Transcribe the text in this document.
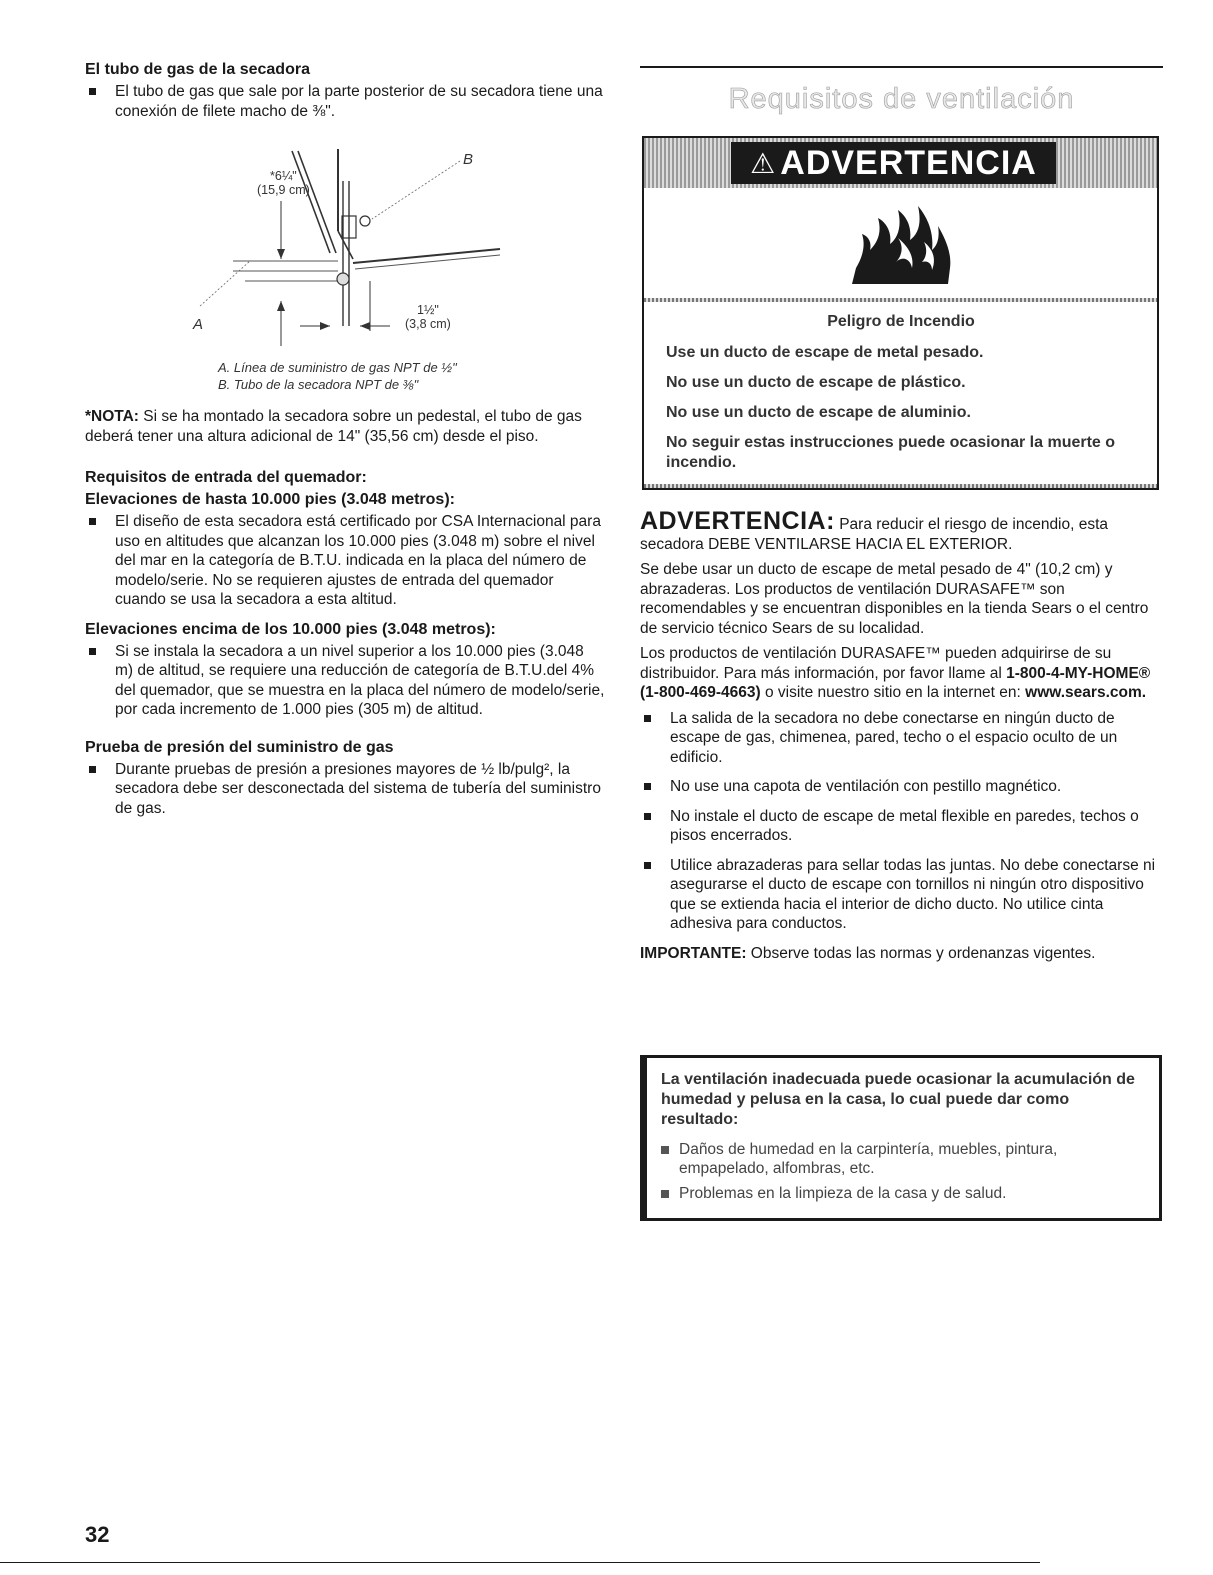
El tubo de gas de la secadora
El tubo de gas que sale por la parte posterior de su secadora tiene una conexión de filete macho de ⅜".
*6¼"
(15,9 cm)
1½"
(3,8 cm)
B
A
A. Línea de suministro de gas NPT de ½"
B. Tubo de la secadora NPT de ⅜"

*NOTA: Si se ha montado la secadora sobre un pedestal, el tubo de gas deberá tener una altura adicional de 14" (35,56 cm) desde el piso.

Requisitos de entrada del quemador:
Elevaciones de hasta 10.000 pies (3.048 metros):
El diseño de esta secadora está certificado por CSA Internacional para uso en altitudes que alcanzan los 10.000 pies (3.048 m) sobre el nivel del mar en la categoría de B.T.U. indicada en la placa del número de modelo/serie. No se requieren ajustes de entrada del quemador cuando se usa la secadora a esta altitud.
Elevaciones encima de los 10.000 pies (3.048 metros):
Si se instala la secadora a un nivel superior a los 10.000 pies (3.048 m) de altitud, se requiere una reducción de categoría de B.T.U.del 4% del quemador, que se muestra en la placa del número de modelo/serie, por cada incremento de 1.000 pies (305 m) de altitud.
Prueba de presión del suministro de gas
Durante pruebas de presión a presiones mayores de ½ lb/pulg², la secadora debe ser desconectada del sistema de tubería del suministro de gas.
Requisitos de ventilación
⚠ ADVERTENCIA
Peligro de Incendio
Use un ducto de escape de metal pesado.
No use un ducto de escape de plástico.
No use un ducto de escape de aluminio.
No seguir estas instrucciones puede ocasionar la muerte o incendio.

ADVERTENCIA: Para reducir el riesgo de incendio, esta secadora DEBE VENTILARSE HACIA EL EXTERIOR.

Se debe usar un ducto de escape de metal pesado de 4" (10,2 cm) y abrazaderas. Los productos de ventilación DURASAFE™ son recomendables y se encuentran disponibles en la tienda Sears o el centro de servicio técnico Sears de su localidad.

Los productos de ventilación DURASAFE™ pueden adquirirse de su distribuidor. Para más información, por favor llame al 1-800-4-MY-HOME® (1-800-469-4663) o visite nuestro sitio en la internet en: www.sears.com.

La salida de la secadora no debe conectarse en ningún ducto de escape de gas, chimenea, pared, techo o el espacio oculto de un edificio.
No use una capota de ventilación con pestillo magnético.
No instale el ducto de escape de metal flexible en paredes, techos o pisos encerrados.
Utilice abrazaderas para sellar todas las juntas. No debe conectarse ni asegurarse el ducto de escape con tornillos ni ningún otro dispositivo que se extienda hacia el interior de dicho ducto. No utilice cinta adhesiva para conductos.

IMPORTANTE: Observe todas las normas y ordenanzas vigentes.

La ventilación inadecuada puede ocasionar la acumulación de humedad y pelusa en la casa, lo cual puede dar como resultado:
Daños de humedad en la carpintería, muebles, pintura, empapelado, alfombras, etc.
Problemas en la limpieza de la casa y de salud.
32
